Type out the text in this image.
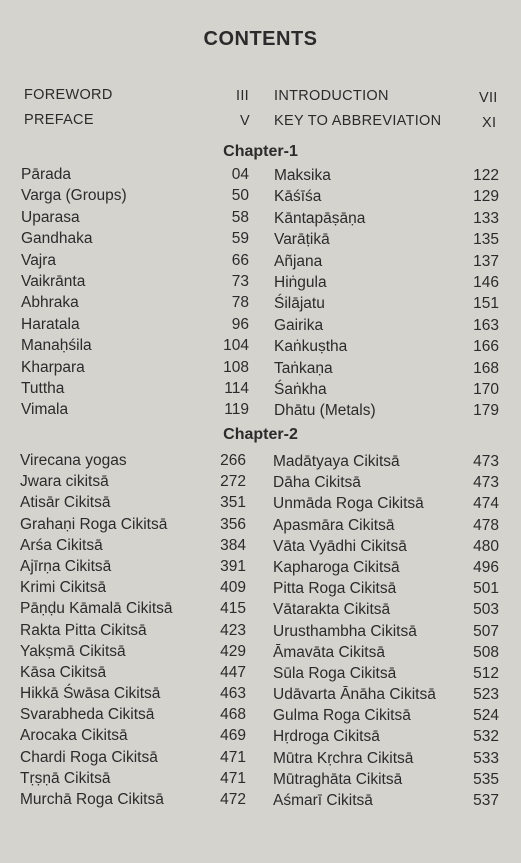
CONTENTS
FOREWORD	III
PREFACE	V
INTRODUCTION	VII
KEY TO ABBREVIATION	XI
Chapter-1
Pārada	04
Varga (Groups)	50
Uparasa	58
Gandhaka	59
Vajra	66
Vaikrānta	73
Abhraka	78
Haratala	96
Manaḥśila	104
Kharpara	108
Tuttha	114
Vimala	119
Maksika	122
Kāśīśa	129
Kāntapāṣāṇa	133
Varāṭikā	135
Añjana	137
Hiṅgula	146
Śilājatu	151
Gairika	163
Kaṅkuṣtha	166
Taṅkaṇa	168
Śaṅkha	170
Dhātu (Metals)	179
Chapter-2
Virecana yogas	266
Jwara cikitsā	272
Atisār Cikitsā	351
Grahaṇi Roga Cikitsā	356
Arśa Cikitsā	384
Ajīrṇa Cikitsā	391
Krimi Cikitsā	409
Pāṇḍu Kāmalā Cikitsā	415
Rakta Pitta Cikitsā	423
Yakṣmā Cikitsā	429
Kāsa Cikitsā	447
Hikkā Śwāsa Cikitsā	463
Svarabheda Cikitsā	468
Arocaka Cikitsā	469
Chardi Roga Cikitsā	471
Tṛṣṇā Cikitsā	471
Murchā Roga Cikitsā	472
Madātyaya Cikitsā	473
Dāha Cikitsā	473
Unmāda Roga Cikitsā	474
Apasmāra Cikitsā	478
Vāta Vyādhi Cikitsā	480
Kapharoga Cikitsā	496
Pitta Roga Cikitsā	501
Vātarakta Cikitsā	503
Urusthambha Cikitsā	507
Āmavāta Cikitsā	508
Sūla Roga Cikitsā	512
Udāvarta Ānāha Cikitsā 523
Gulma Roga Cikitsā	524
Hṛdroga Cikitsā	532
Mūtra Kṛchra Cikitsā	533
Mūtraghāta Cikitsā	535
Aśmarī Cikitsā	537
